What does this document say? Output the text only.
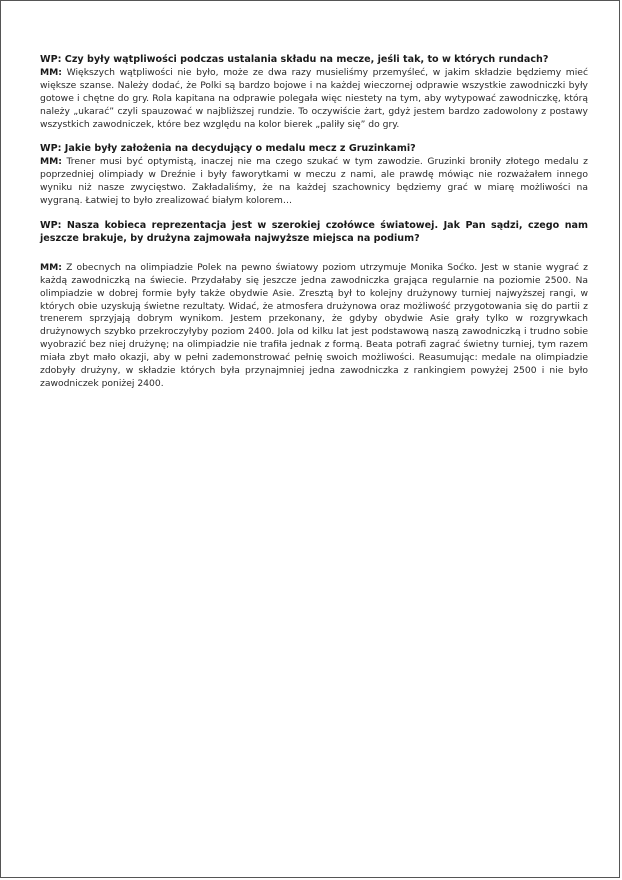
WP: Czy były wątpliwości podczas ustalania składu na mecze, jeśli tak, to w których rundach?

MM: Większych wątpliwości nie było, może ze dwa razy musieliśmy przemyśleć, w jakim składzie będziemy mieć większe szanse. Należy dodać, że Polki są bardzo bojowe i na każdej wieczornej odprawie wszystkie zawodniczki były gotowe i chętne do gry. Rola kapitana na odprawie polegała więc niestety na tym, aby wytypować zawodniczkę, którą należy „ukarać” czyli spauzować w najbliższej rundzie. To oczywiście żart, gdyż jestem bardzo zadowolony z postawy wszystkich zawodniczek, które bez względu na kolor bierek „paliły się” do gry.

WP: Jakie były założenia na decydujący o medalu mecz z Gruzinkami?

MM: Trener musi być optymistą, inaczej nie ma czego szukać w tym zawodzie. Gruzinki broniły złotego medalu z poprzedniej olimpiady w Dreźnie i były faworytkami w meczu z nami, ale prawdę mówiąc nie rozważałem innego wyniku niż nasze zwycięstwo. Zakładaliśmy, że na każdej szachownicy będziemy grać w miarę możliwości na wygraną. Łatwiej to było zrealizować białym kolorem…

WP: Nasza kobieca reprezentacja jest w szerokiej czołówce światowej. Jak Pan sądzi, czego nam jeszcze brakuje, by drużyna zajmowała najwyższe miejsca na podium?

MM: Z obecnych na olimpiadzie Polek na pewno światowy poziom utrzymuje Monika Soćko. Jest w stanie wygrać z każdą zawodniczką na świecie. Przydałaby się jeszcze jedna zawodniczka grająca regularnie na poziomie 2500. Na olimpiadzie w dobrej formie były także obydwie Asie. Zresztą był to kolejny drużynowy turniej najwyższej rangi, w których obie uzyskują świetne rezultaty. Widać, że atmosfera drużynowa oraz możliwość przygotowania się do partii z trenerem sprzyjają dobrym wynikom. Jestem przekonany, że gdyby obydwie Asie grały tylko w rozgrywkach drużynowych szybko przekroczyłyby poziom 2400. Jola od kilku lat jest podstawową naszą zawodniczką i trudno sobie wyobrazić bez niej drużynę; na olimpiadzie nie trafiła jednak z formą. Beata potrafi zagrać świetny turniej, tym razem miała zbyt mało okazji, aby w pełni zademonstrować pełnię swoich możliwości. Reasumując: medale na olimpiadzie zdobyły drużyny, w składzie których była przynajmniej jedna zawodniczka z rankingiem powyżej 2500 i nie było zawodniczek poniżej 2400.
